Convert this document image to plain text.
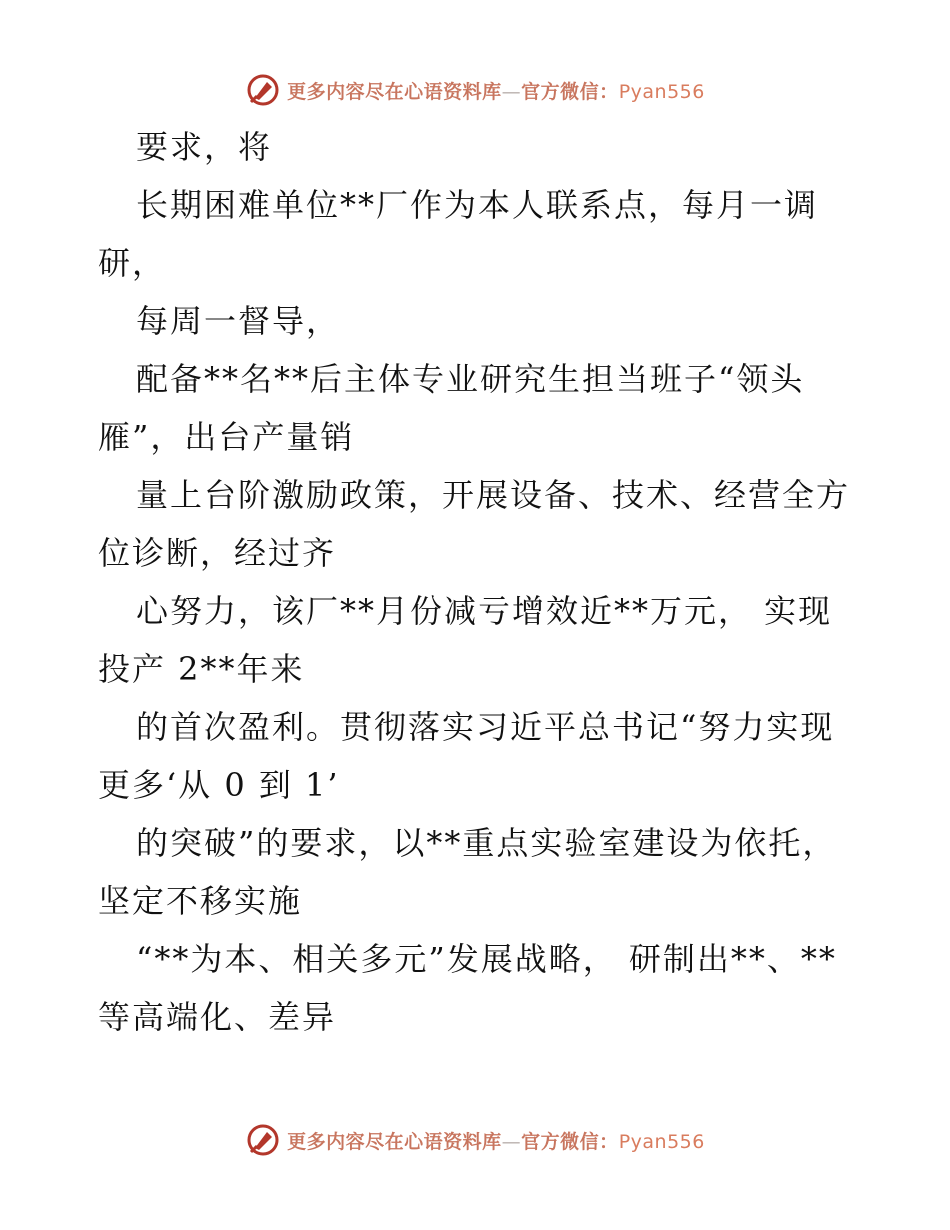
更多内容尽在心语资料库—官方微信：Pyan556

要求，将

长期困难单位**厂作为本人联系点，每月一调研，

每周一督导，

配备**名**后主体专业研究生担当班子“领头雁”，出台产量销

量上台阶激励政策，开展设备、技术、经营全方位诊断，经过齐

心努力，该厂**月份减亏增效近**万元， 实现投产 2**年来

的首次盈利。贯彻落实习近平总书记“努力实现更多‘从 0 到 1’

的突破”的要求，以**重点实验室建设为依托，坚定不移实施

“**为本、相关多元”发展战略， 研制出**、**等高端化、差异

更多内容尽在心语资料库—官方微信：Pyan556
